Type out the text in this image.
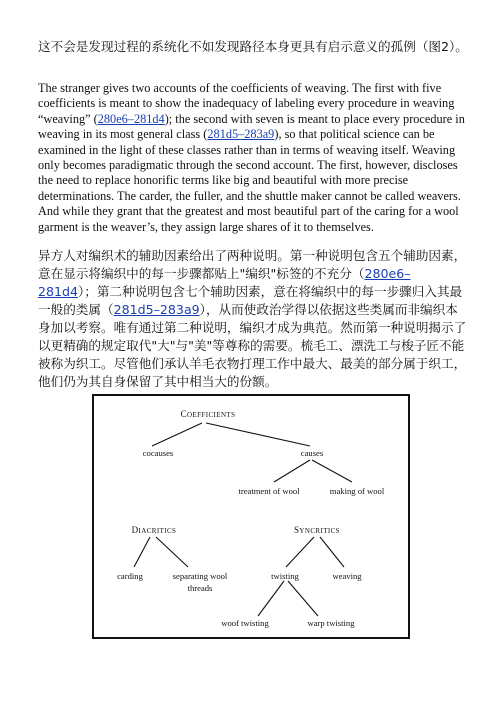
这不会是发现过程的系统化不如发现路径本身更具有启示意义的孤例（图2）。

The stranger gives two accounts of the coefficients of weaving. The first with five coefficients is meant to show the inadequacy of labeling every procedure in weaving “weaving” (280e6–281d4); the second with seven is meant to place every procedure in weaving in its most general class (281d5–283a9), so that political science can be examined in the light of these classes rather than in terms of weaving itself. Weaving only becomes paradigmatic through the second account. The first, however, discloses the need to replace honorific terms like big and beautiful with more precise determinations. The carder, the fuller, and the shuttle maker cannot be called weavers. And while they grant that the greatest and most beautiful part of the caring for a wool garment is the weaver’s, they assign large shares of it to themselves.

异方人对编织术的辅助因素给出了两种说明。第一种说明包含五个辅助因素，意在显示将编织中的每一步骤都贴上"编织"标签的不充分（280e6–281d4）；第二种说明包含七个辅助因素，意在将编织中的每一步骤归入其最一般的类属（281d5–283a9），从而使政治学得以依据这些类属而非编织本身加以考察。唯有通过第二种说明，编织才成为典范。然而第一种说明揭示了以更精确的规定取代"大"与"美"等尊称的需要。梳毛工、漂洗工与梭子匠不能被称为织工。尽管他们承认羊毛衣物打理工作中最大、最美的部分属于织工，他们仍为其自身保留了其中相当大的份额。

COEFFICIENTS
cocauses	causes
treatment of wool	making of wool
DIACRITICS	SYNCRITICS
carding	separating wool
threads
twisting	weaving
woof twisting	warp twisting
